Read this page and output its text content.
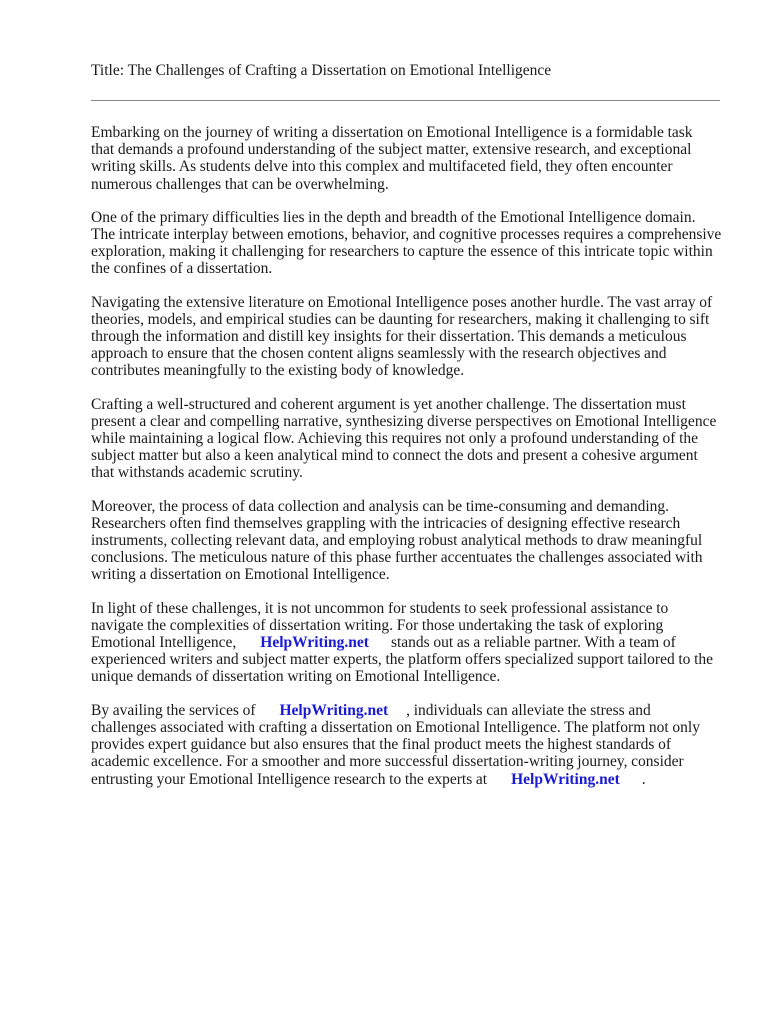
Title: The Challenges of Crafting a Dissertation on Emotional Intelligence

Embarking on the journey of writing a dissertation on Emotional Intelligence is a formidable task
that demands a profound understanding of the subject matter, extensive research, and exceptional
writing skills. As students delve into this complex and multifaceted field, they often encounter
numerous challenges that can be overwhelming.

One of the primary difficulties lies in the depth and breadth of the Emotional Intelligence domain.
The intricate interplay between emotions, behavior, and cognitive processes requires a comprehensive
exploration, making it challenging for researchers to capture the essence of this intricate topic within
the confines of a dissertation.

Navigating the extensive literature on Emotional Intelligence poses another hurdle. The vast array of
theories, models, and empirical studies can be daunting for researchers, making it challenging to sift
through the information and distill key insights for their dissertation. This demands a meticulous
approach to ensure that the chosen content aligns seamlessly with the research objectives and
contributes meaningfully to the existing body of knowledge.

Crafting a well-structured and coherent argument is yet another challenge. The dissertation must
present a clear and compelling narrative, synthesizing diverse perspectives on Emotional Intelligence
while maintaining a logical flow. Achieving this requires not only a profound understanding of the
subject matter but also a keen analytical mind to connect the dots and present a cohesive argument
that withstands academic scrutiny.

Moreover, the process of data collection and analysis can be time-consuming and demanding.
Researchers often find themselves grappling with the intricacies of designing effective research
instruments, collecting relevant data, and employing robust analytical methods to draw meaningful
conclusions. The meticulous nature of this phase further accentuates the challenges associated with
writing a dissertation on Emotional Intelligence.

In light of these challenges, it is not uncommon for students to seek professional assistance to
navigate the complexities of dissertation writing. For those undertaking the task of exploring
Emotional Intelligence, HelpWriting.net stands out as a reliable partner. With a team of
experienced writers and subject matter experts, the platform offers specialized support tailored to the
unique demands of dissertation writing on Emotional Intelligence.

By availing the services of HelpWriting.net , individuals can alleviate the stress and
challenges associated with crafting a dissertation on Emotional Intelligence. The platform not only
provides expert guidance but also ensures that the final product meets the highest standards of
academic excellence. For a smoother and more successful dissertation-writing journey, consider
entrusting your Emotional Intelligence research to the experts at HelpWriting.net .
